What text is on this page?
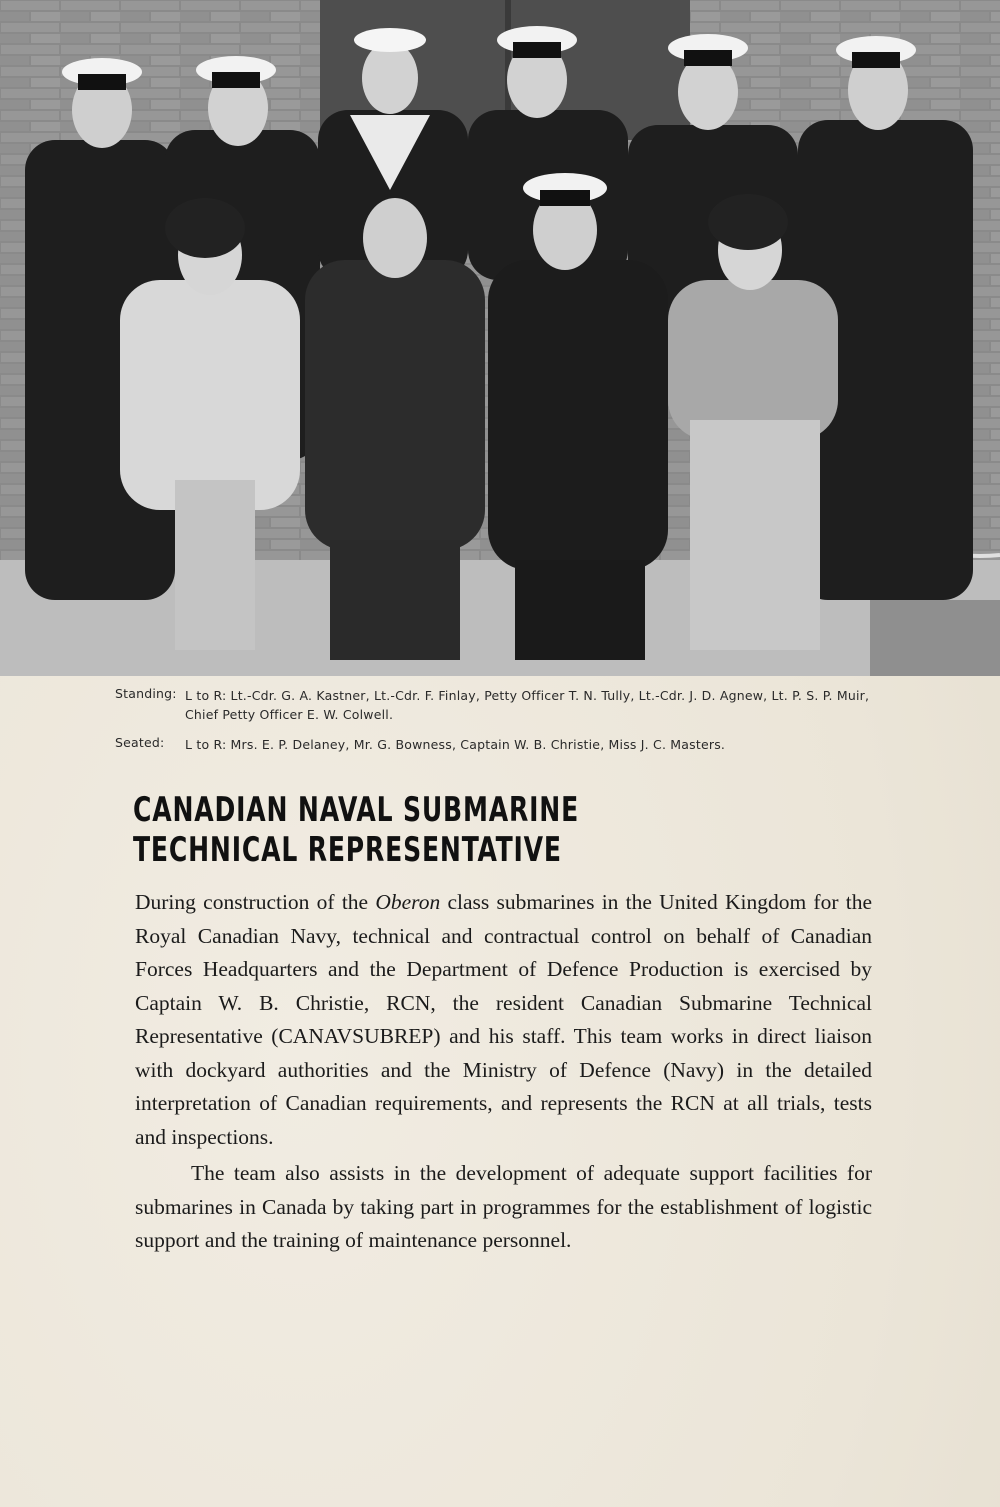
Standing: L to R: Lt.-Cdr. G. A. Kastner, Lt.-Cdr. F. Finlay, Petty Officer T. N. Tully, Lt.-Cdr. J. D. Agnew, Lt. P. S. P. Muir, Chief Petty Officer E. W. Colwell.
Seated:	L to R: Mrs. E. P. Delaney, Mr. G. Bowness, Captain W. B. Christie, Miss J. C. Masters.
CANADIAN NAVAL SUBMARINE
TECHNICAL REPRESENTATIVE

During construction of the Oberon class submarines in the United Kingdom for the Royal Canadian Navy, technical and contractual control on behalf of Canadian Forces Headquarters and the Department of Defence Production is exercised by Captain W. B. Christie, RCN, the resident Canadian Submarine Technical Representative (CANAVSUBREP) and his staff. This team works in direct liaison with dockyard authorities and the Ministry of Defence (Navy) in the detailed interpretation of Canadian requirements, and represents the RCN at all trials, tests and inspections.

The team also assists in the development of adequate support facilities for submarines in Canada by taking part in programmes for the establishment of logistic support and the training of maintenance personnel.
